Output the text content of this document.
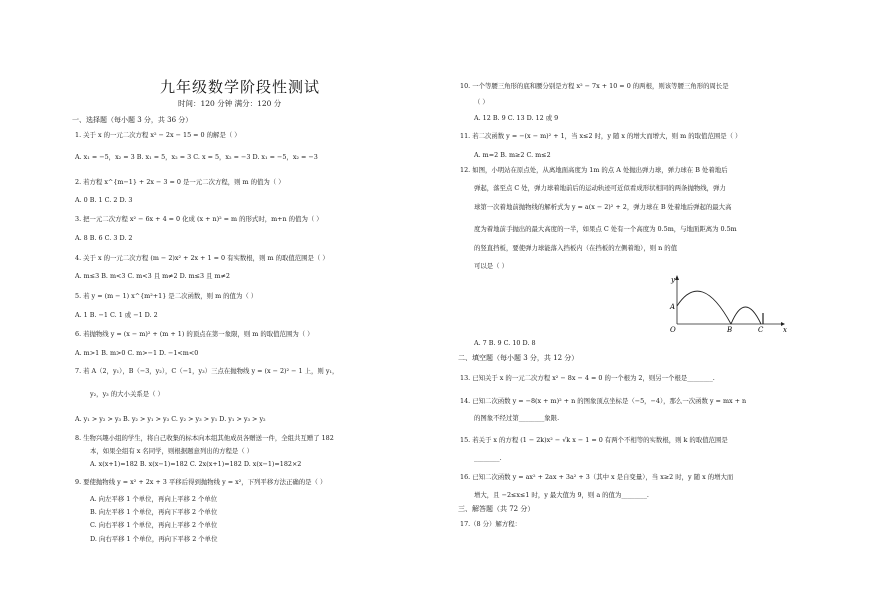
九年级数学阶段性测试
时间：120 分钟 满分：120 分
一、选择题（每小题 3 分，共 36 分）
1. 关于 x 的一元二次方程 x² − 2x − 15 = 0 的解是（ ）
A. x₁ = −5，x₂ = 3 B. x₁ = 5，x₂ = 3 C. x = 5，x₂ = −3 D. x₁ = −5，x₂ = −3
2. 若方程 x^{m−1} + 2x − 3 = 0 是一元二次方程，则 m 的值为（ ）
A. 0 B. 1 C. 2 D. 3
3. 把一元二次方程 x² − 6x + 4 = 0 化成 (x + n)² = m 的形式时，m+n 的值为（ ）
A. 8 B. 6 C. 3 D. 2
4. 关于 x 的一元二次方程 (m − 2)x² + 2x + 1 = 0 有实数根，则 m 的取值范围是（ ）
A. m≤3 B. m<3 C. m<3 且 m≠2 D. m≤3 且 m≠2
5. 若 y = (m − 1) x^{m²+1} 是二次函数，则 m 的值为（ ）
A. 1 B. −1 C. 1 或 −1 D. 2
6. 若抛物线 y = (x − m)² + (m + 1) 的顶点在第一象限，则 m 的取值范围为（ ）
A. m>1 B. m>0 C. m>−1 D. −1<m<0
7. 若 A（2，y₁），B（−3，y₂），C（−1，y₃）三点在抛物线 y = (x − 2)² − 1 上，则 y₁，
y₂，y₃ 的大小关系是（ ）
A. y₁ > y₂ > y₃ B. y₂ > y₁ > y₃ C. y₂ > y₃ > y₁ D. y₁ > y₃ > y₂
8. 生物兴趣小组的学生，将自己收集的标本向本组其他成员各赠送一件，全组共互赠了 182
本，如果全组有 x 名同学，则根据题意列出的方程是（ ）
A. x(x+1)=182 B. x(x−1)=182 C. 2x(x+1)=182 D. x(x−1)=182×2
9. 要使抛物线 y = x² + 2x + 3 平移后得到抛物线 y = x²，下列平移方法正确的是（ ）
A. 向左平移 1 个单位，再向上平移 2 个单位
B. 向左平移 1 个单位，再向下平移 2 个单位
C. 向右平移 1 个单位，再向上平移 2 个单位
D. 向右平移 1 个单位，再向下平移 2 个单位
10. 一个等腰三角形的底和腰分别是方程 x² − 7x + 10 = 0 的两根，则该等腰三角形的周长是
（ ）
A. 12 B. 9 C. 13 D. 12 或 9
11. 若二次函数 y = −(x − m)² + 1，当 x≤2 时，y 随 x 的增大而增大，则 m 的取值范围是（ ）
A. m=2 B. m≥2 C. m≤2
12. 如图，小明站在原点处，从离地面高度为 1m 的点 A 处抛出弹力球，弹力球在 B 处着地后
弹起，落至点 C 处，弹力球着地前后的运动轨迹可近似看成形状相同的两条抛物线，弹力
球第一次着地前抛物线的解析式为 y = a(x − 2)² + 2，弹力球在 B 处着地后弹起的最大高
度为着地前手抛出的最大高度的一半，如果点 C 处有一个高度为 0.5m，与地面距离为 0.5m
的竖直挡板，要使弹力球能落入挡板内（在挡板的左侧着地），则 n 的值
可以是（ ）
y
x
A
O	B	C
A. 7 B. 9 C. 10 D. 8
二、填空题（每小题 3 分，共 12 分）
13. 已知关于 x 的一元二次方程 x² − 8x − 4 = 0 的一个根为 2，则另一个根是________.
14. 已知二次函数 y = −8(x + m)² + n 的图象顶点坐标是（−5，−4），那么一次函数 y = mx + n
的图象不经过第________象限.
15. 若关于 x 的方程 (1 − 2k)x² − √k x − 1 = 0 有两个不相等的实数根，则 k 的取值范围是
________.
16. 已知二次函数 y = ax² + 2ax + 3a² + 3（其中 x 是自变量），当 x≥2 时，y 随 x 的增大而
增大，且 −2≤x≤1 时，y 最大值为 9，则 a 的值为________.
三、解答题（共 72 分）
17.（8 分）解方程：
